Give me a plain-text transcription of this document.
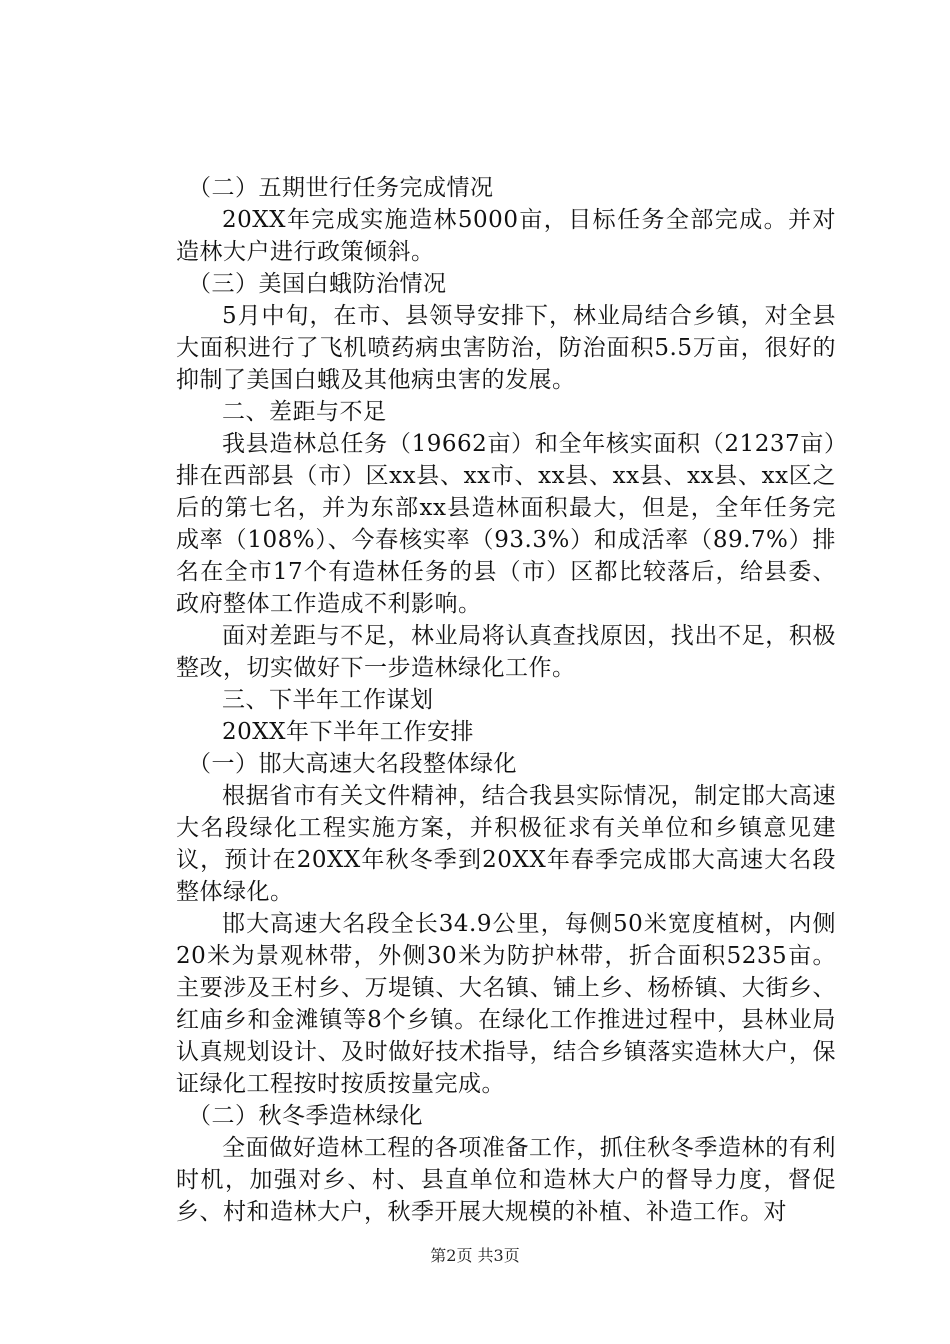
（二）五期世行任务完成情况

20XX年完成实施造林5000亩，目标任务全部完成。并对造林大户进行政策倾斜。

（三）美国白蛾防治情况

5月中旬，在市、县领导安排下，林业局结合乡镇，对全县大面积进行了飞机喷药病虫害防治，防治面积5.5万亩，很好的抑制了美国白蛾及其他病虫害的发展。

二、差距与不足

我县造林总任务（19662亩）和全年核实面积（21237亩）排在西部县（市）区xx县、xx市、xx县、xx县、xx县、xx区之后的第七名，并为东部xx县造林面积最大，但是，全年任务完成率（108%）、今春核实率（93.3%）和成活率（89.7%）排名在全市17个有造林任务的县（市）区都比较落后，给县委、政府整体工作造成不利影响。

面对差距与不足，林业局将认真查找原因，找出不足，积极整改，切实做好下一步造林绿化工作。

三、下半年工作谋划

20XX年下半年工作安排

（一）邯大高速大名段整体绿化

根据省市有关文件精神，结合我县实际情况，制定邯大高速大名段绿化工程实施方案，并积极征求有关单位和乡镇意见建议，预计在20XX年秋冬季到20XX年春季完成邯大高速大名段整体绿化。

邯大高速大名段全长34.9公里，每侧50米宽度植树，内侧20米为景观林带，外侧30米为防护林带，折合面积5235亩。主要涉及王村乡、万堤镇、大名镇、铺上乡、杨桥镇、大街乡、红庙乡和金滩镇等8个乡镇。在绿化工作推进过程中，县林业局认真规划设计、及时做好技术指导，结合乡镇落实造林大户，保证绿化工程按时按质按量完成。

（二）秋冬季造林绿化

全面做好造林工程的各项准备工作，抓住秋冬季造林的有利时机，加强对乡、村、县直单位和造林大户的督导力度，督促乡、村和造林大户，秋季开展大规模的补植、补造工作。对

第2页 共3页
